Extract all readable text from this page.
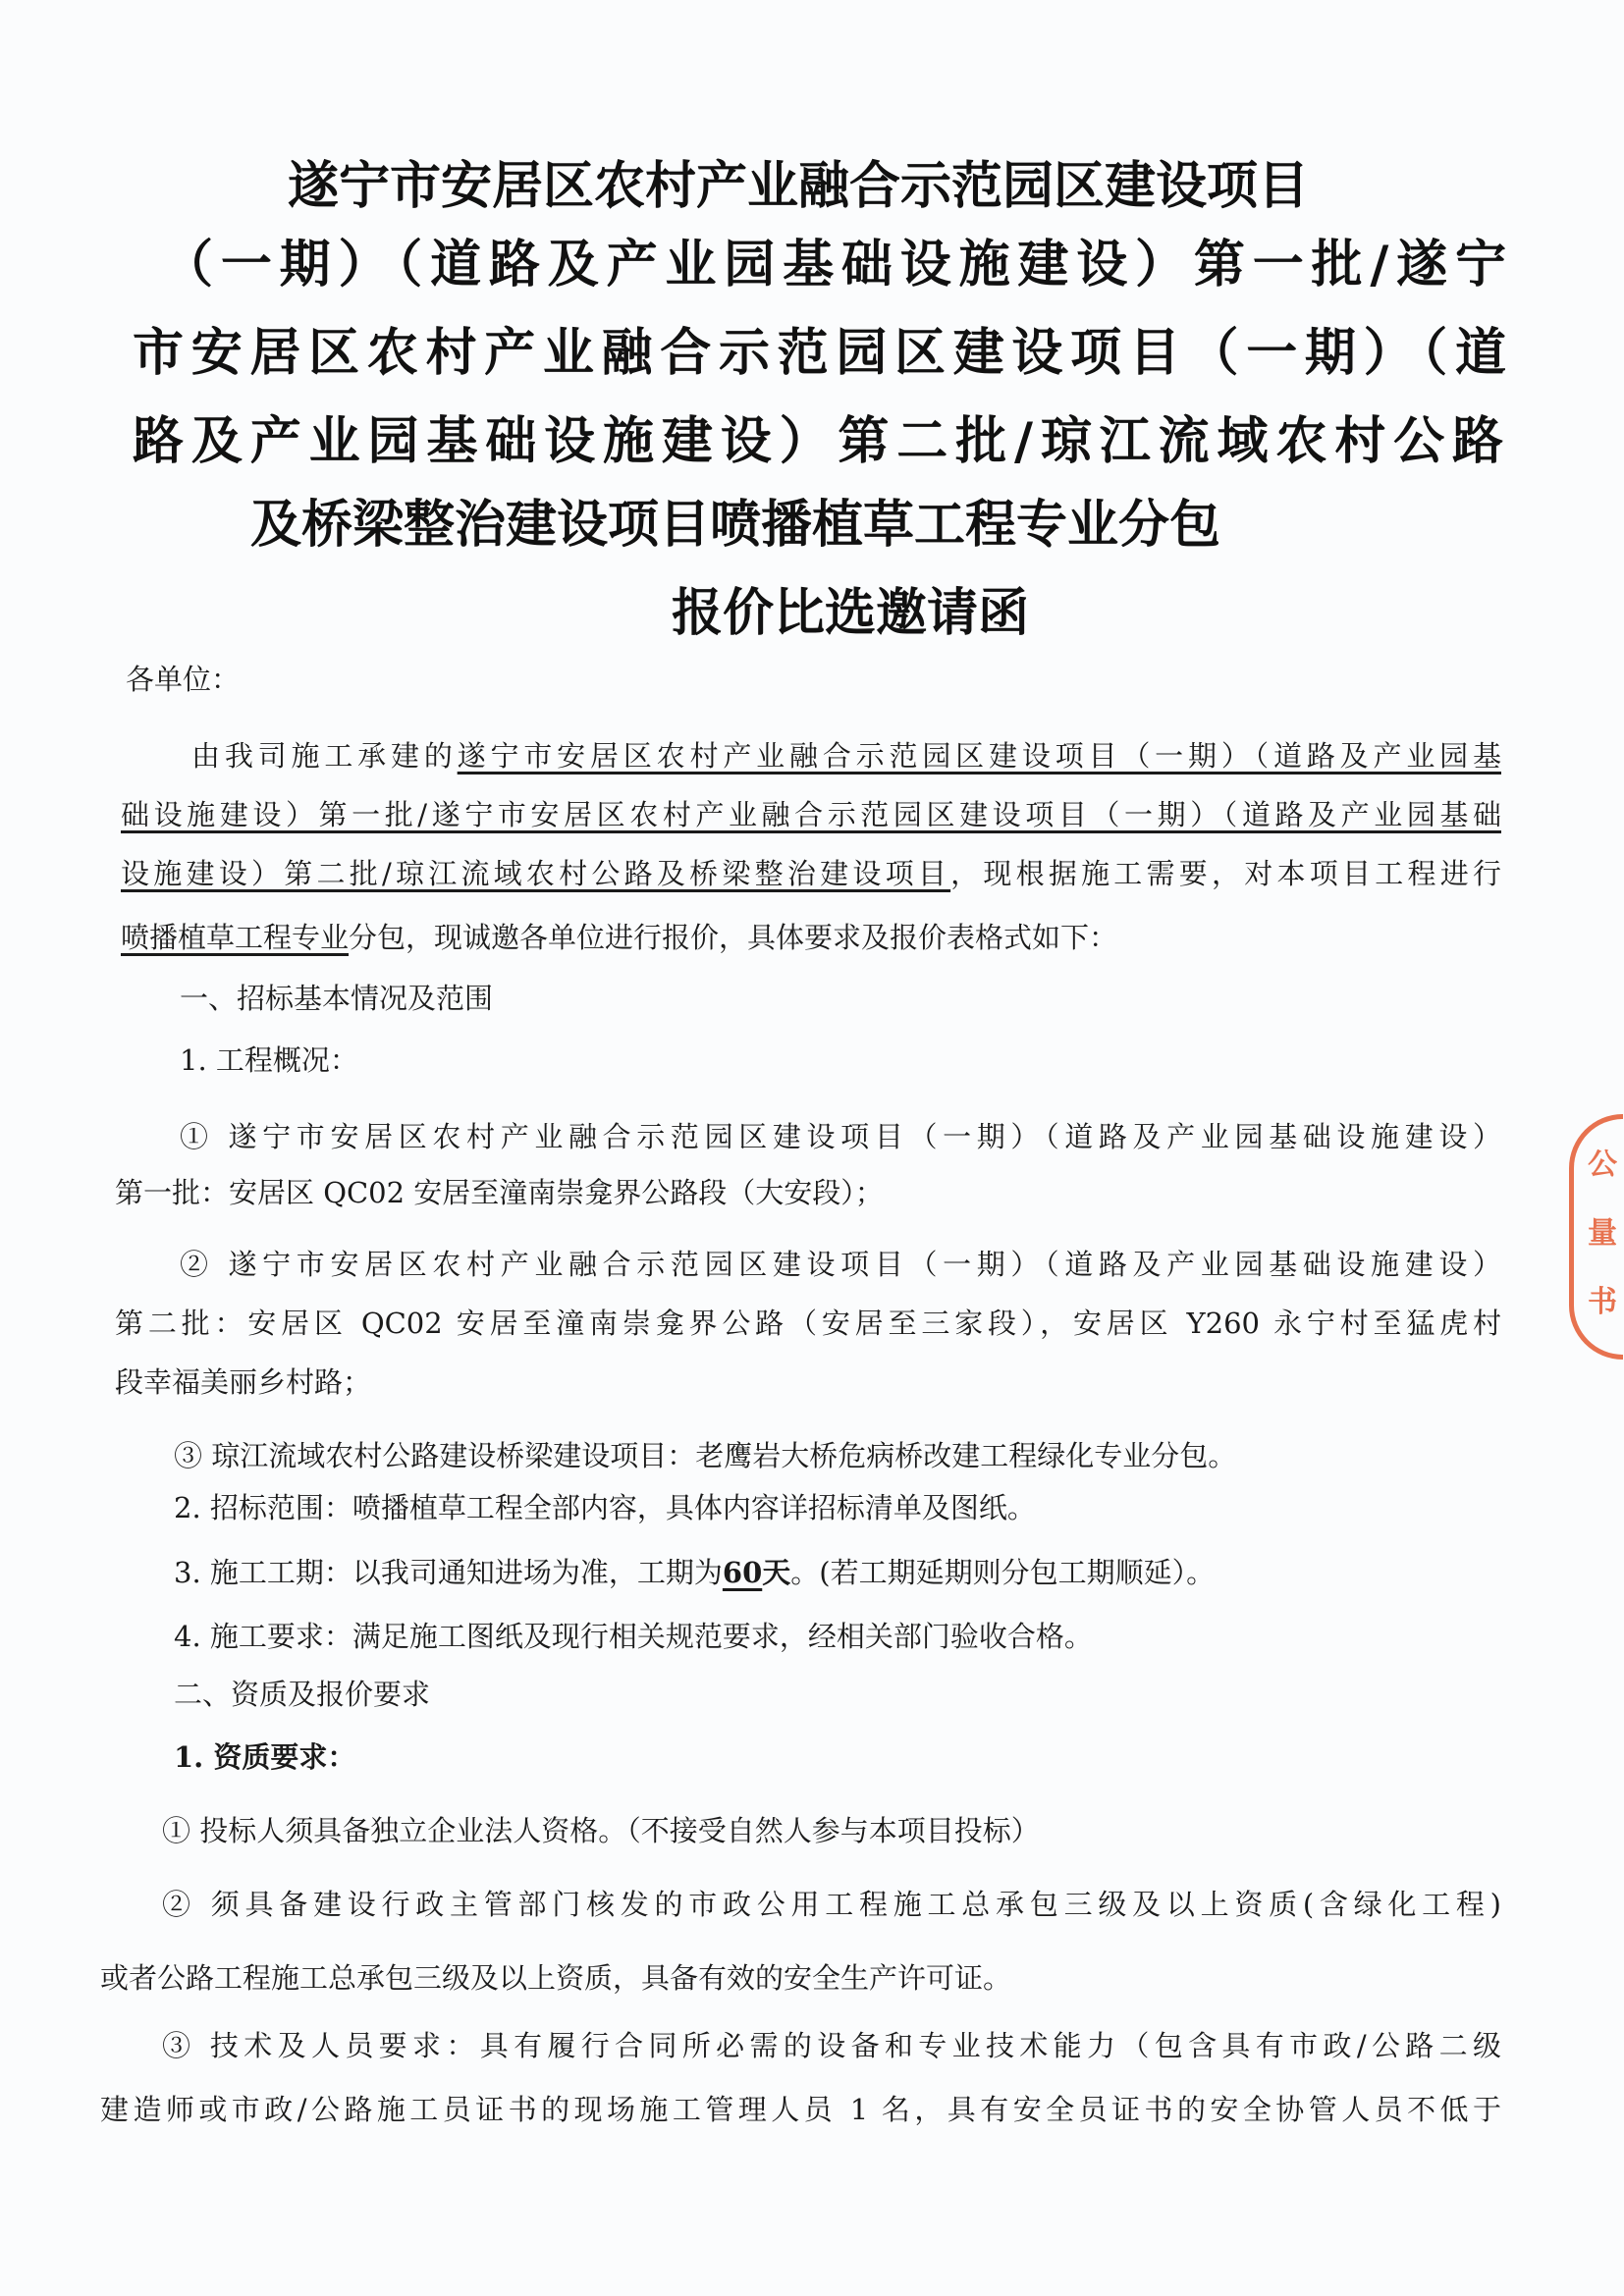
遂宁市安居区农村产业融合示范园区建设项目
（一期）（道路及产业园基础设施建设）第一批/遂宁
市安居区农村产业融合示范园区建设项目（一期）（道
路及产业园基础设施建设）第二批/琼江流域农村公路
及桥梁整治建设项目喷播植草工程专业分包
报价比选邀请函
各单位：
由我司施工承建的遂宁市安居区农村产业融合示范园区建设项目（一期）（道路及产业园基
础设施建设）第一批/遂宁市安居区农村产业融合示范园区建设项目（一期）（道路及产业园基础
设施建设）第二批/琼江流域农村公路及桥梁整治建设项目，现根据施工需要，对本项目工程进行
喷播植草工程专业分包，现诚邀各单位进行报价，具体要求及报价表格式如下：
一、招标基本情况及范围
1. 工程概况：
① 遂宁市安居区农村产业融合示范园区建设项目（一期）（道路及产业园基础设施建设）
第一批：安居区 QC02 安居至潼南崇龛界公路段（大安段）；
② 遂宁市安居区农村产业融合示范园区建设项目（一期）（道路及产业园基础设施建设）
第二批：安居区 QC02 安居至潼南崇龛界公路（安居至三家段），安居区 Y260 永宁村至猛虎村
段幸福美丽乡村路；
③ 琼江流域农村公路建设桥梁建设项目：老鹰岩大桥危病桥改建工程绿化专业分包。
2. 招标范围：喷播植草工程全部内容，具体内容详招标清单及图纸。
3. 施工工期：以我司通知进场为准，工期为60天。(若工期延期则分包工期顺延）。
4. 施工要求：满足施工图纸及现行相关规范要求，经相关部门验收合格。
二、资质及报价要求
1. 资质要求：
① 投标人须具备独立企业法人资格。（不接受自然人参与本项目投标）
② 须具备建设行政主管部门核发的市政公用工程施工总承包三级及以上资质(含绿化工程)
或者公路工程施工总承包三级及以上资质，具备有效的安全生产许可证。
③ 技术及人员要求：具有履行合同所必需的设备和专业技术能力（包含具有市政/公路二级
建造师或市政/公路施工员证书的现场施工管理人员 1 名，具有安全员证书的安全协管人员不低于
公
量
书
